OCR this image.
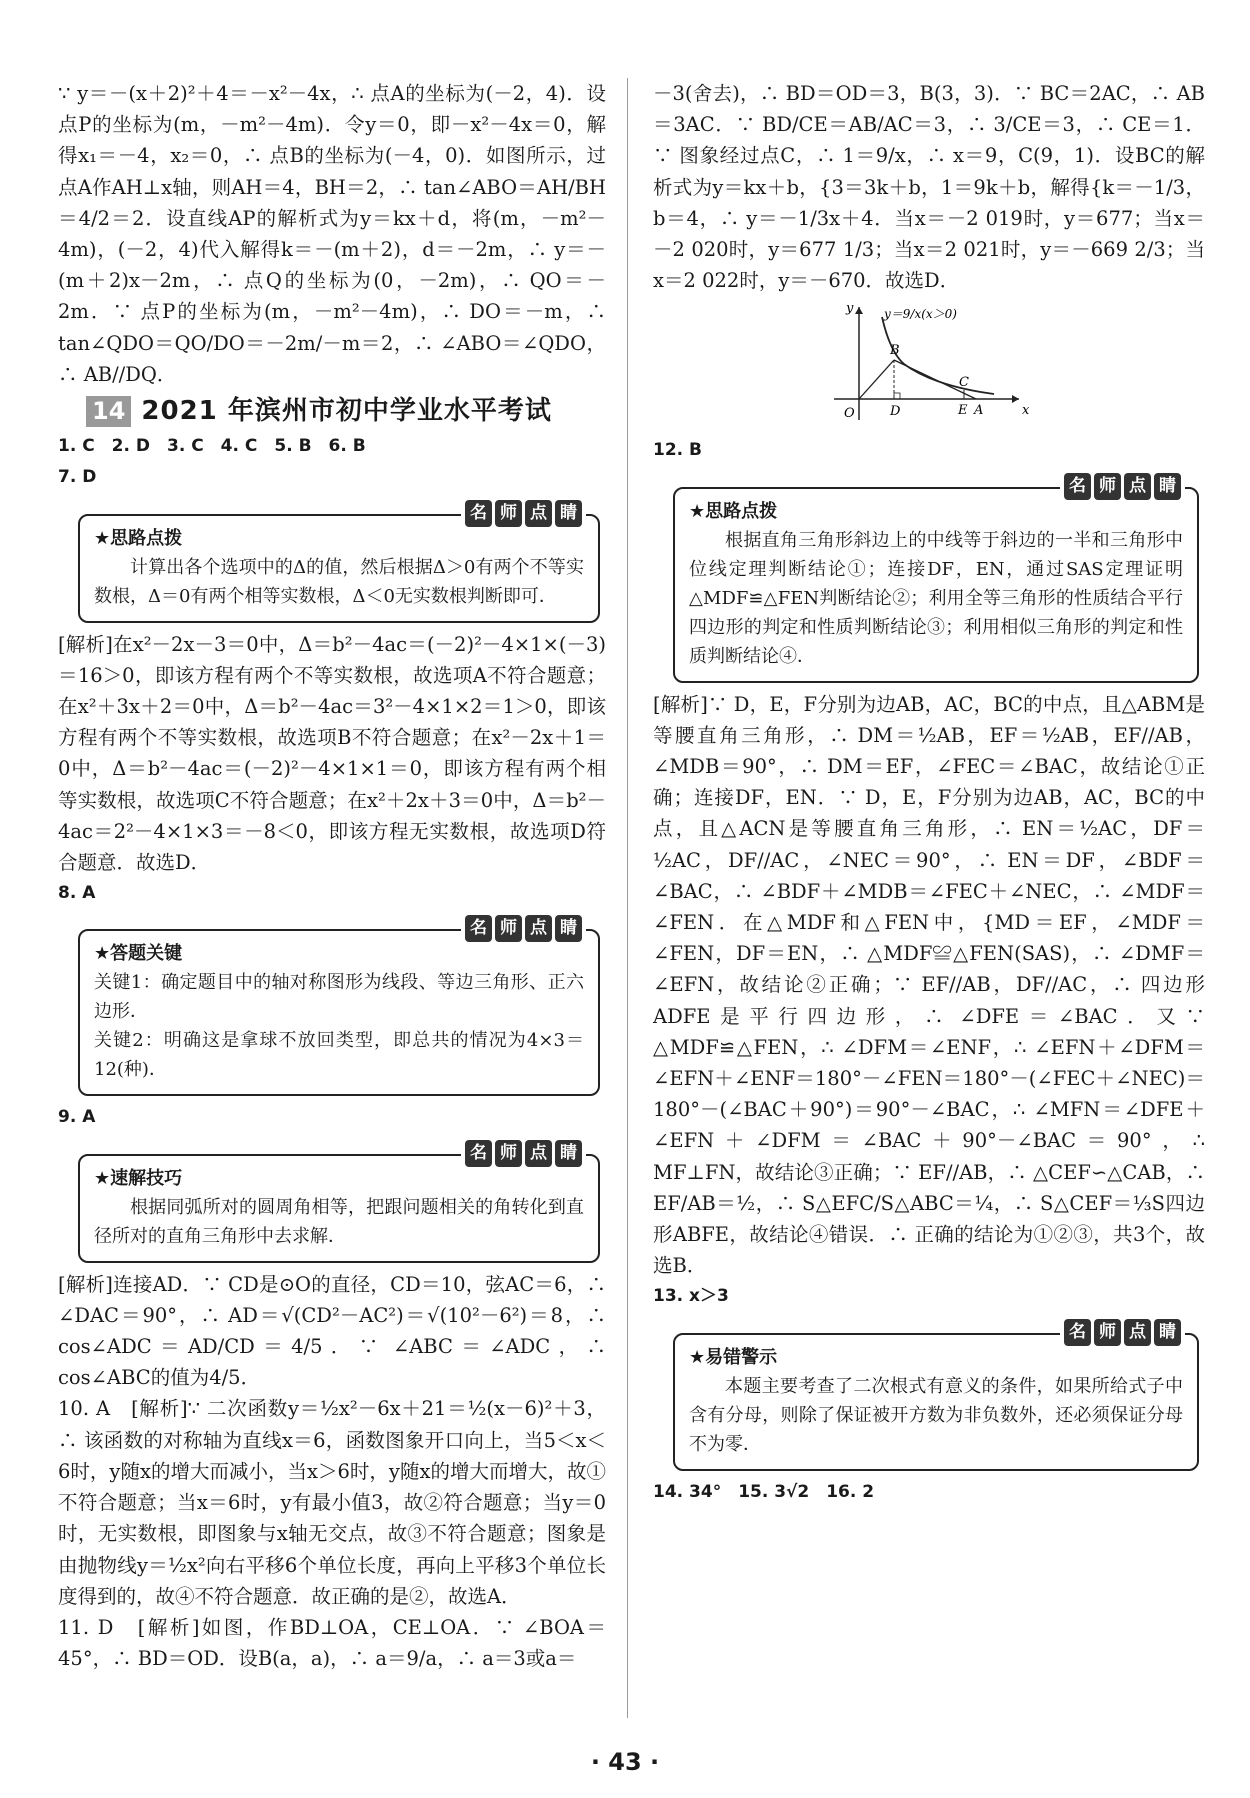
∵ y＝－(x＋2)²＋4＝－x²－4x，∴ 点A的坐标为(－2，4)．设点P的坐标为(m，－m²－4m)．令y＝0，即－x²－4x＝0，解得x₁＝－4，x₂＝0，∴ 点B的坐标为(－4，0)．如图所示，过点A作AH⊥x轴，则AH＝4，BH＝2，∴ tan∠ABO＝AH/BH＝4/2＝2．设直线AP的解析式为y＝kx＋d，将(m，－m²－4m)，(－2，4)代入解得k＝－(m＋2)，d＝－2m，∴ y＝－(m＋2)x－2m，∴ 点Q的坐标为(0，－2m)，∴ QO＝－2m．∵ 点P的坐标为(m，－m²－4m)，∴ DO＝－m，∴ tan∠QDO＝QO/DO＝－2m/－m＝2，∴ ∠ABO＝∠QDO，∴ AB//DQ．

14 2021 年滨州市初中学业水平考试

1. C　2. D　3. C　4. C　5. B　6. B

7. D

名 师 点 睛
★思路点拨

计算出各个选项中的Δ的值，然后根据Δ＞0有两个不等实数根，Δ＝0有两个相等实数根，Δ＜0无实数根判断即可．

[解析]在x²－2x－3＝0中，Δ＝b²－4ac＝(－2)²－4×1×(－3)＝16＞0，即该方程有两个不等实数根，故选项A不符合题意；在x²＋3x＋2＝0中，Δ＝b²－4ac＝3²－4×1×2＝1＞0，即该方程有两个不等实数根，故选项B不符合题意；在x²－2x＋1＝0中，Δ＝b²－4ac＝(－2)²－4×1×1＝0，即该方程有两个相等实数根，故选项C不符合题意；在x²＋2x＋3＝0中，Δ＝b²－4ac＝2²－4×1×3＝－8＜0，即该方程无实数根，故选项D符合题意．故选D．

8. A

名 师 点 睛
★答题关键

关键1：确定题目中的轴对称图形为线段、等边三角形、正六边形．

关键2：明确这是拿球不放回类型，即总共的情况为4×3＝12(种)．

9. A

名 师 点 睛
★速解技巧

根据同弧所对的圆周角相等，把跟问题相关的角转化到直径所对的直角三角形中去求解．

[解析]连接AD．∵ CD是⊙O的直径，CD＝10，弦AC＝6，∴ ∠DAC＝90°，∴ AD＝√(CD²－AC²)＝√(10²－6²)＝8，∴ cos∠ADC＝AD/CD＝4/5．∵ ∠ABC＝∠ADC，∴ cos∠ABC的值为4/5．

10. A　[解析]∵ 二次函数y＝½x²－6x＋21＝½(x－6)²＋3，∴ 该函数的对称轴为直线x＝6，函数图象开口向上，当5＜x＜6时，y随x的增大而减小，当x＞6时，y随x的增大而增大，故①不符合题意；当x＝6时，y有最小值3，故②符合题意；当y＝0时，无实数根，即图象与x轴无交点，故③不符合题意；图象是由抛物线y＝½x²向右平移6个单位长度，再向上平移3个单位长度得到的，故④不符合题意．故正确的是②，故选A．

11. D　[解析]如图，作BD⊥OA，CE⊥OA．∵ ∠BOA＝45°，∴ BD＝OD．设B(a，a)，∴ a＝9/a，∴ a＝3或a＝

－3(舍去)，∴ BD＝OD＝3，B(3，3)．∵ BC＝2AC，∴ AB＝3AC．∵ BD/CE＝AB/AC＝3，∴ 3/CE＝3，∴ CE＝1．∵ 图象经过点C，∴ 1＝9/x，∴ x＝9，C(9，1)．设BC的解析式为y＝kx＋b，{3＝3k＋b，1＝9k＋b，解得{k＝－1/3，b＝4，∴ y＝－1/3x＋4．当x＝－2 019时，y＝677；当x＝－2 020时，y＝677 1/3；当x＝2 021时，y＝－669 2/3；当x＝2 022时，y＝－670．故选D．

y
x
O	D	E A
B
C
y＝9/x(x＞0)

12. B

名 师 点 睛
★思路点拨

根据直角三角形斜边上的中线等于斜边的一半和三角形中位线定理判断结论①；连接DF，EN，通过SAS定理证明△MDF≌△FEN判断结论②；利用全等三角形的性质结合平行四边形的判定和性质判断结论③；利用相似三角形的判定和性质判断结论④．

[解析]∵ D，E，F分别为边AB，AC，BC的中点，且△ABM是等腰直角三角形，∴ DM＝½AB，EF＝½AB，EF//AB，∠MDB＝90°，∴ DM＝EF，∠FEC＝∠BAC，故结论①正确；连接DF，EN．∵ D，E，F分别为边AB，AC，BC的中点，且△ACN是等腰直角三角形，∴ EN＝½AC，DF＝½AC，DF//AC，∠NEC＝90°，∴ EN＝DF，∠BDF＝∠BAC，∴ ∠BDF＋∠MDB＝∠FEC＋∠NEC，∴ ∠MDF＝∠FEN．在△MDF和△FEN中，{MD＝EF，∠MDF＝∠FEN，DF＝EN，∴ △MDF≌△FEN(SAS)，∴ ∠DMF＝∠EFN，故结论②正确；∵ EF//AB，DF//AC，∴ 四边形ADFE是平行四边形，∴ ∠DFE＝∠BAC．又∵ △MDF≌△FEN，∴ ∠DFM＝∠ENF，∴ ∠EFN＋∠DFM＝∠EFN＋∠ENF＝180°－∠FEN＝180°－(∠FEC＋∠NEC)＝180°－(∠BAC＋90°)＝90°－∠BAC，∴ ∠MFN＝∠DFE＋∠EFN＋∠DFM＝∠BAC＋90°－∠BAC＝90°，∴ MF⊥FN，故结论③正确；∵ EF//AB，∴ △CEF∽△CAB，∴ EF/AB＝½，∴ S△EFC/S△ABC＝¼，∴ S△CEF＝⅓S四边形ABFE，故结论④错误．∴ 正确的结论为①②③，共3个，故选B．

13. x＞3

名 师 点 睛
★易错警示

本题主要考查了二次根式有意义的条件，如果所给式子中含有分母，则除了保证被开方数为非负数外，还必须保证分母不为零．

14. 34°　15. 3√2　16. 2

· 43 ·
